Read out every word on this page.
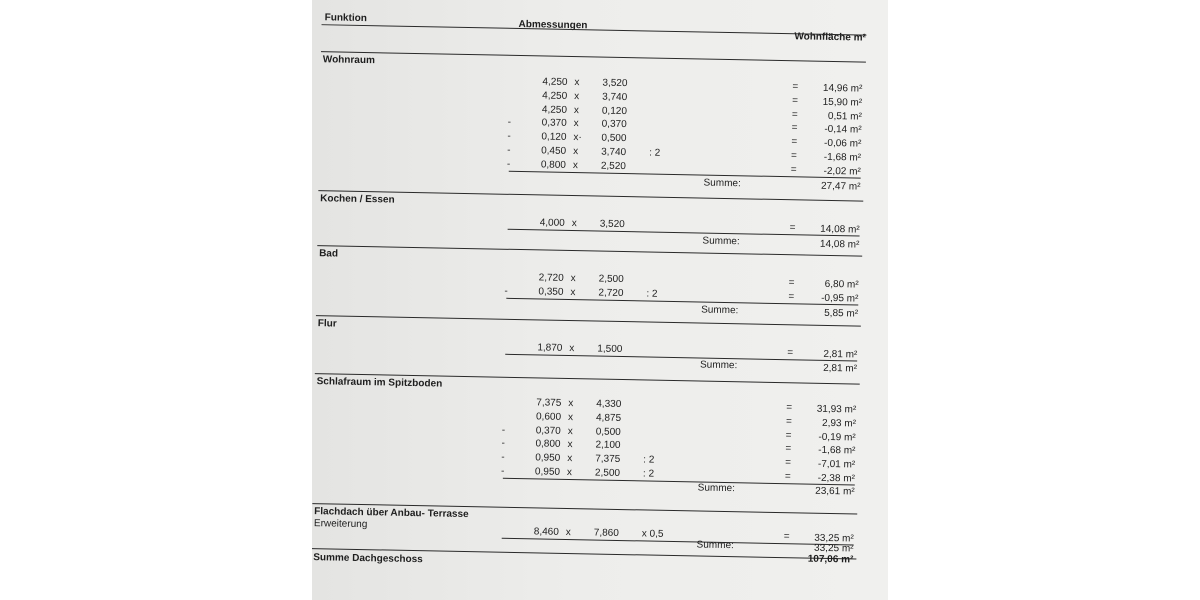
Funktion
Abmessungen
Wohnfläche m²
Wohnraum
4,250 x 3,520	=	14,96 m²
4,250 x 3,740	=	15,90 m²
4,250 x 0,120	=	0,51 m²
-	0,370 x 0,370	=	-0,14 m²
-	0,120 x· 0,500	=	-0,06 m²
-	0,450 x 3,740 : 2	=	-1,68 m²
-	0,800 x 2,520	=	-2,02 m²
Summe:	27,47 m²
Kochen / Essen
4,000 x 3,520	=	14,08 m²
Summe:	14,08 m²
Bad
2,720 x 2,500	=	6,80 m²
-	0,350 x 2,720 : 2	=	-0,95 m²
Summe:	5,85 m²
Flur
1,870 x 1,500	=	2,81 m²
Summe:	2,81 m²
Schlafraum im Spitzboden
7,375 x 4,330	=	31,93 m²
0,600 x 4,875	=	2,93 m²
-	0,370 x 0,500	=	-0,19 m²
-	0,800 x 2,100	=	-1,68 m²
-	0,950 x 7,375 : 2	=	-7,01 m²
-	0,950 x 2,500 : 2	=	-2,38 m²
Summe:	23,61 m²
Flachdach über Anbau- Terrasse
Erweiterung
8,460 x 7,860 x 0,5	=	33,25 m²
Summe:	33,25 m²
Summe Dachgeschoss	107,06 m²
